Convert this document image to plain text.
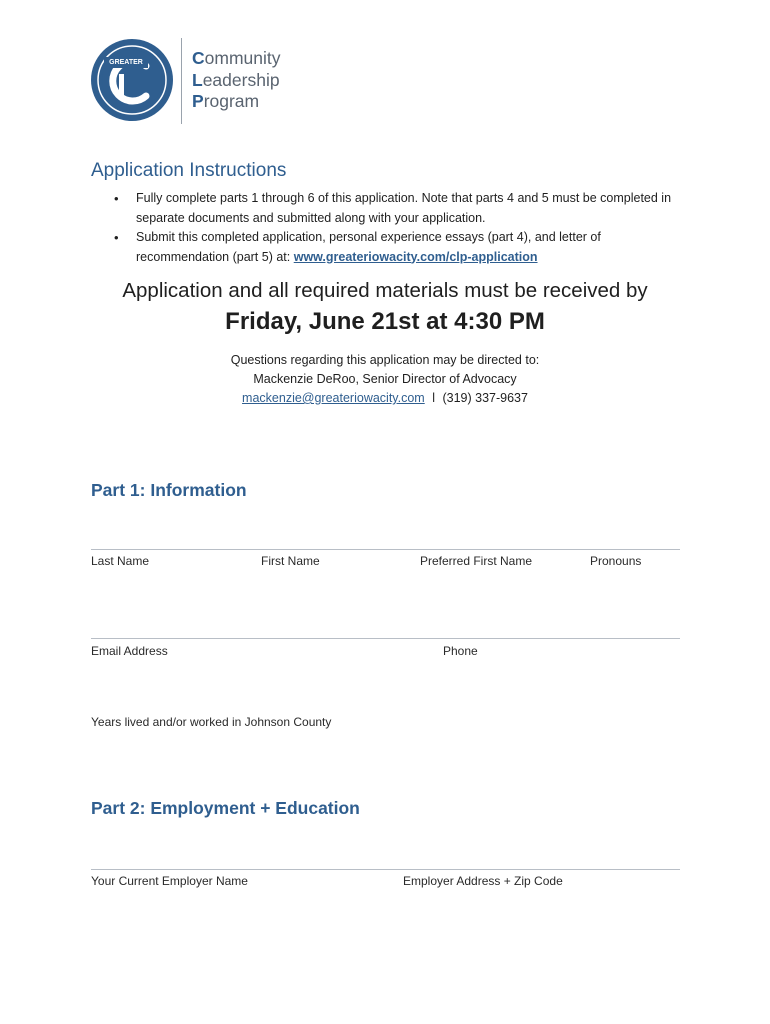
GREATER	Community
Leadership
Program
Application Instructions
• Fully complete parts 1 through 6 of this application. Note that parts 4 and 5 must be completed in separate documents and submitted along with your application.
• Submit this completed application, personal experience essays (part 4), and letter of recommendation (part 5) at: www.greateriowacity.com/clp-application
Application and all required materials must be received by
Friday, June 21st at 4:30 PM
Questions regarding this application may be directed to:
Mackenzie DeRoo, Senior Director of Advocacy
mackenzie@greateriowacity.com l (319) 337-9637
Part 1: Information
Last Name	First Name	Preferred First Name	Pronouns
Email Address	Phone
Years lived and/or worked in Johnson County
Part 2: Employment + Education
Your Current Employer Name	Employer Address + Zip Code
